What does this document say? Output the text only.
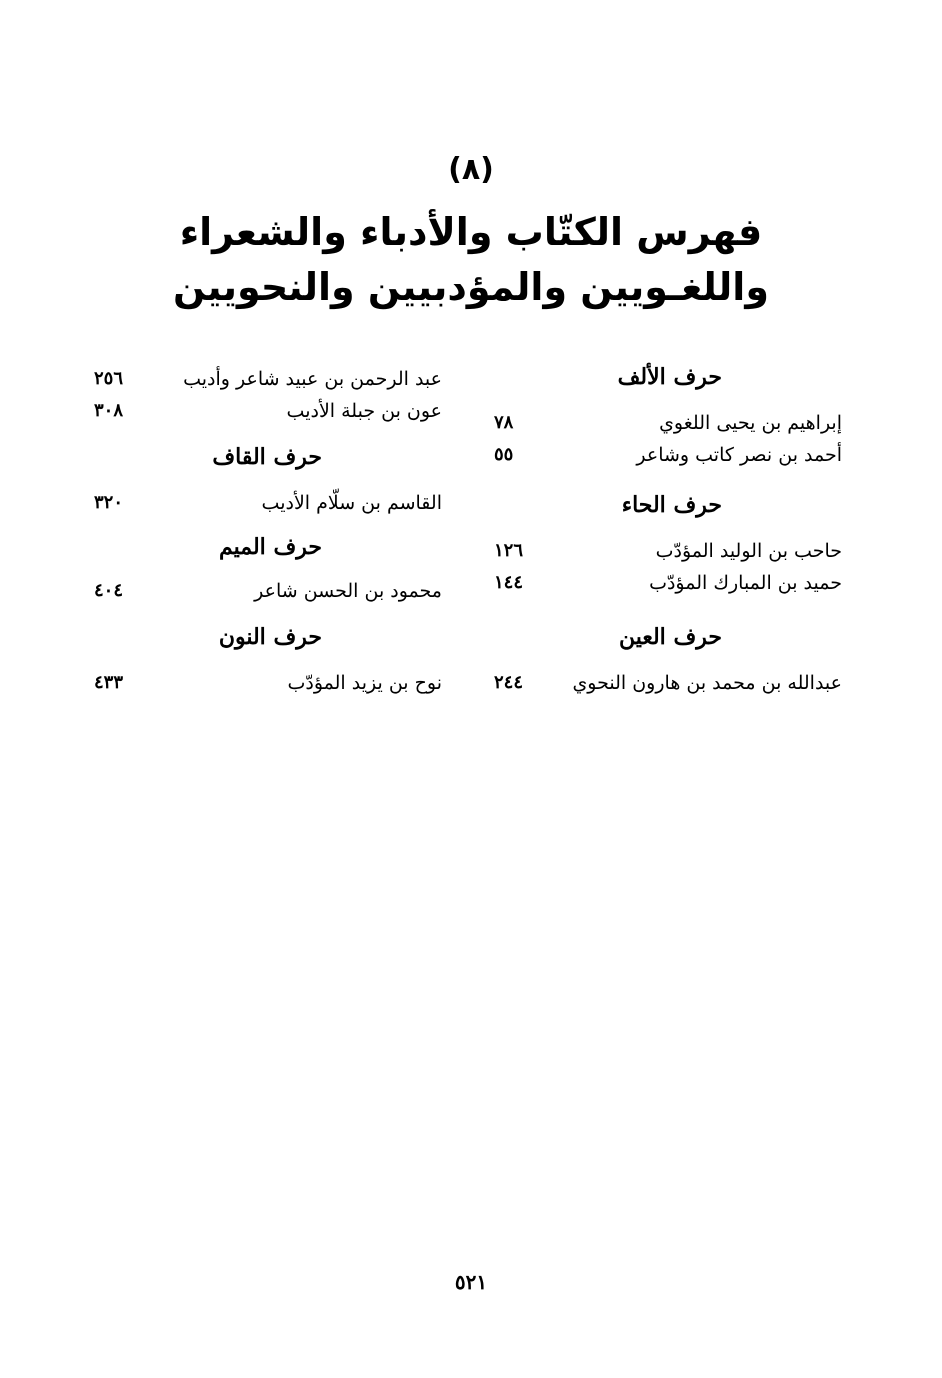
(٨)
فهرس الكتّاب والأدباء والشعراء
واللغـويين والمؤدبيين والنحويين
حرف الألف
إبراهيم بن يحيى اللغوي
٧٨
أحمد بن نصر كاتب وشاعر
٥٥
حرف الحاء
حاحب بن الوليد المؤدّب
١٢٦
حميد بن المبارك المؤدّب
١٤٤
حرف العين
عبدالله بن محمد بن هارون النحوي
٢٤٤
عبد الرحمن بن عبيد شاعر وأديب
٢٥٦
عون بن جبلة الأديب
٣٠٨
حرف القاف
القاسم بن سلّام الأديب
٣٢٠
حرف الميم
محمود بن الحسن شاعر
٤٠٤
حرف النون
نوح بن يزيد المؤدّب
٤٣٣
٥٢١
